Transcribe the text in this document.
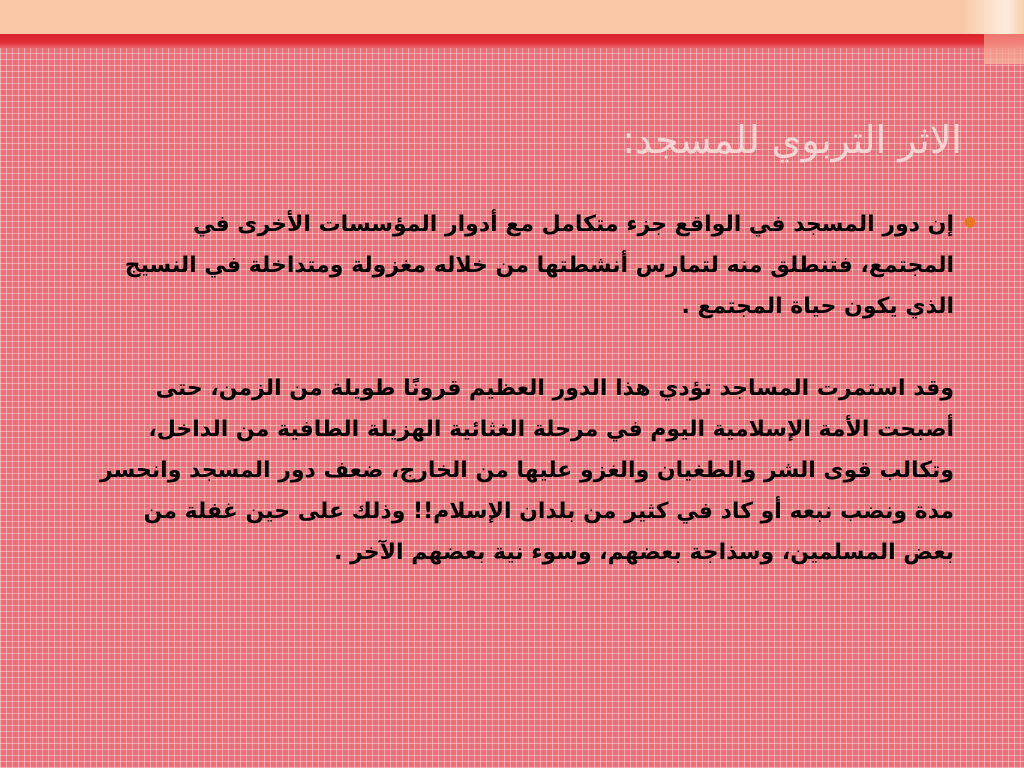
الاثر التربوي للمسجد:

●
إن دور المسجد في الواقع جزء متكامل مع أدوار المؤسسات الأخرى في المجتمع، فتنطلق منه لتمارس أنشطتها من خلاله مغزولة ومتداخلة في النسيج الذي يكون حياة المجتمع .

وقد استمرت المساجد تؤدي هذا الدور العظيم قرونًا طويلة من الزمن، حتى أصبحت الأمة الإسلامية اليوم في مرحلة الغثائية الهزيلة الطافية من الداخل، وتكالب قوى الشر والطغيان والغزو عليها من الخارج، ضعف دور المسجد وانحسر مدة ونضب نبعه أو كاد في كثير من بلدان الإسلام!! وذلك على حين غفلة من بعض المسلمين، وسذاجة بعضهم، وسوء نية بعضهم الآخر .
